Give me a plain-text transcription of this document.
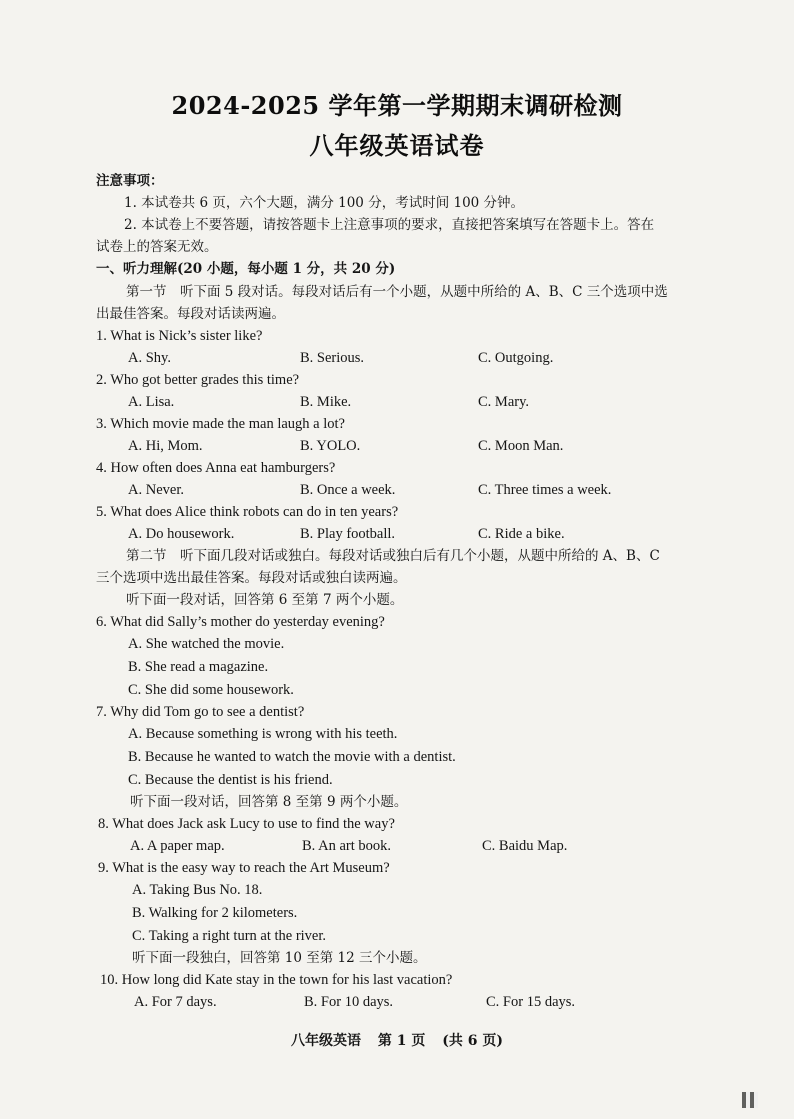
2024-2025 学年第一学期期末调研检测
八年级英语试卷
注意事项：
1. 本试卷共 6 页，六个大题，满分 100 分，考试时间 100 分钟。
2. 本试卷上不要答题，请按答题卡上注意事项的要求，直接把答案填写在答题卡上。答在
试卷上的答案无效。
一、听力理解(20 小题，每小题 1 分，共 20 分)
第一节　听下面 5 段对话。每段对话后有一个小题，从题中所给的 A、B、C 三个选项中选
出最佳答案。每段对话读两遍。
1. What is Nick’s sister like?
A. Shy.	B. Serious.	C. Outgoing.
2. Who got better grades this time?
A. Lisa.	B. Mike.	C. Mary.
3. Which movie made the man laugh a lot?
A. Hi, Mom.	B. YOLO.	C. Moon Man.
4. How often does Anna eat hamburgers?
A. Never.	B. Once a week.	C. Three times a week.
5. What does Alice think robots can do in ten years?
A. Do housework.	B. Play football.	C. Ride a bike.
第二节　听下面几段对话或独白。每段对话或独白后有几个小题，从题中所给的 A、B、C
三个选项中选出最佳答案。每段对话或独白读两遍。
听下面一段对话，回答第 6 至第 7 两个小题。
6. What did Sally’s mother do yesterday evening?
A. She watched the movie.
B. She read a magazine.
C. She did some housework.
7. Why did Tom go to see a dentist?
A. Because something is wrong with his teeth.
B. Because he wanted to watch the movie with a dentist.
C. Because the dentist is his friend.
听下面一段对话，回答第 8 至第 9 两个小题。
8. What does Jack ask Lucy to use to find the way?
A. A paper map.	B. An art book.	C. Baidu Map.
9. What is the easy way to reach the Art Museum?
A. Taking Bus No. 18.
B. Walking for 2 kilometers.
C. Taking a right turn at the river.
听下面一段独白，回答第 10 至第 12 三个小题。
10. How long did Kate stay in the town for his last vacation?
A. For 7 days.	B. For 10 days.	C. For 15 days.
八年级英语 第 1 页 (共 6 页)
